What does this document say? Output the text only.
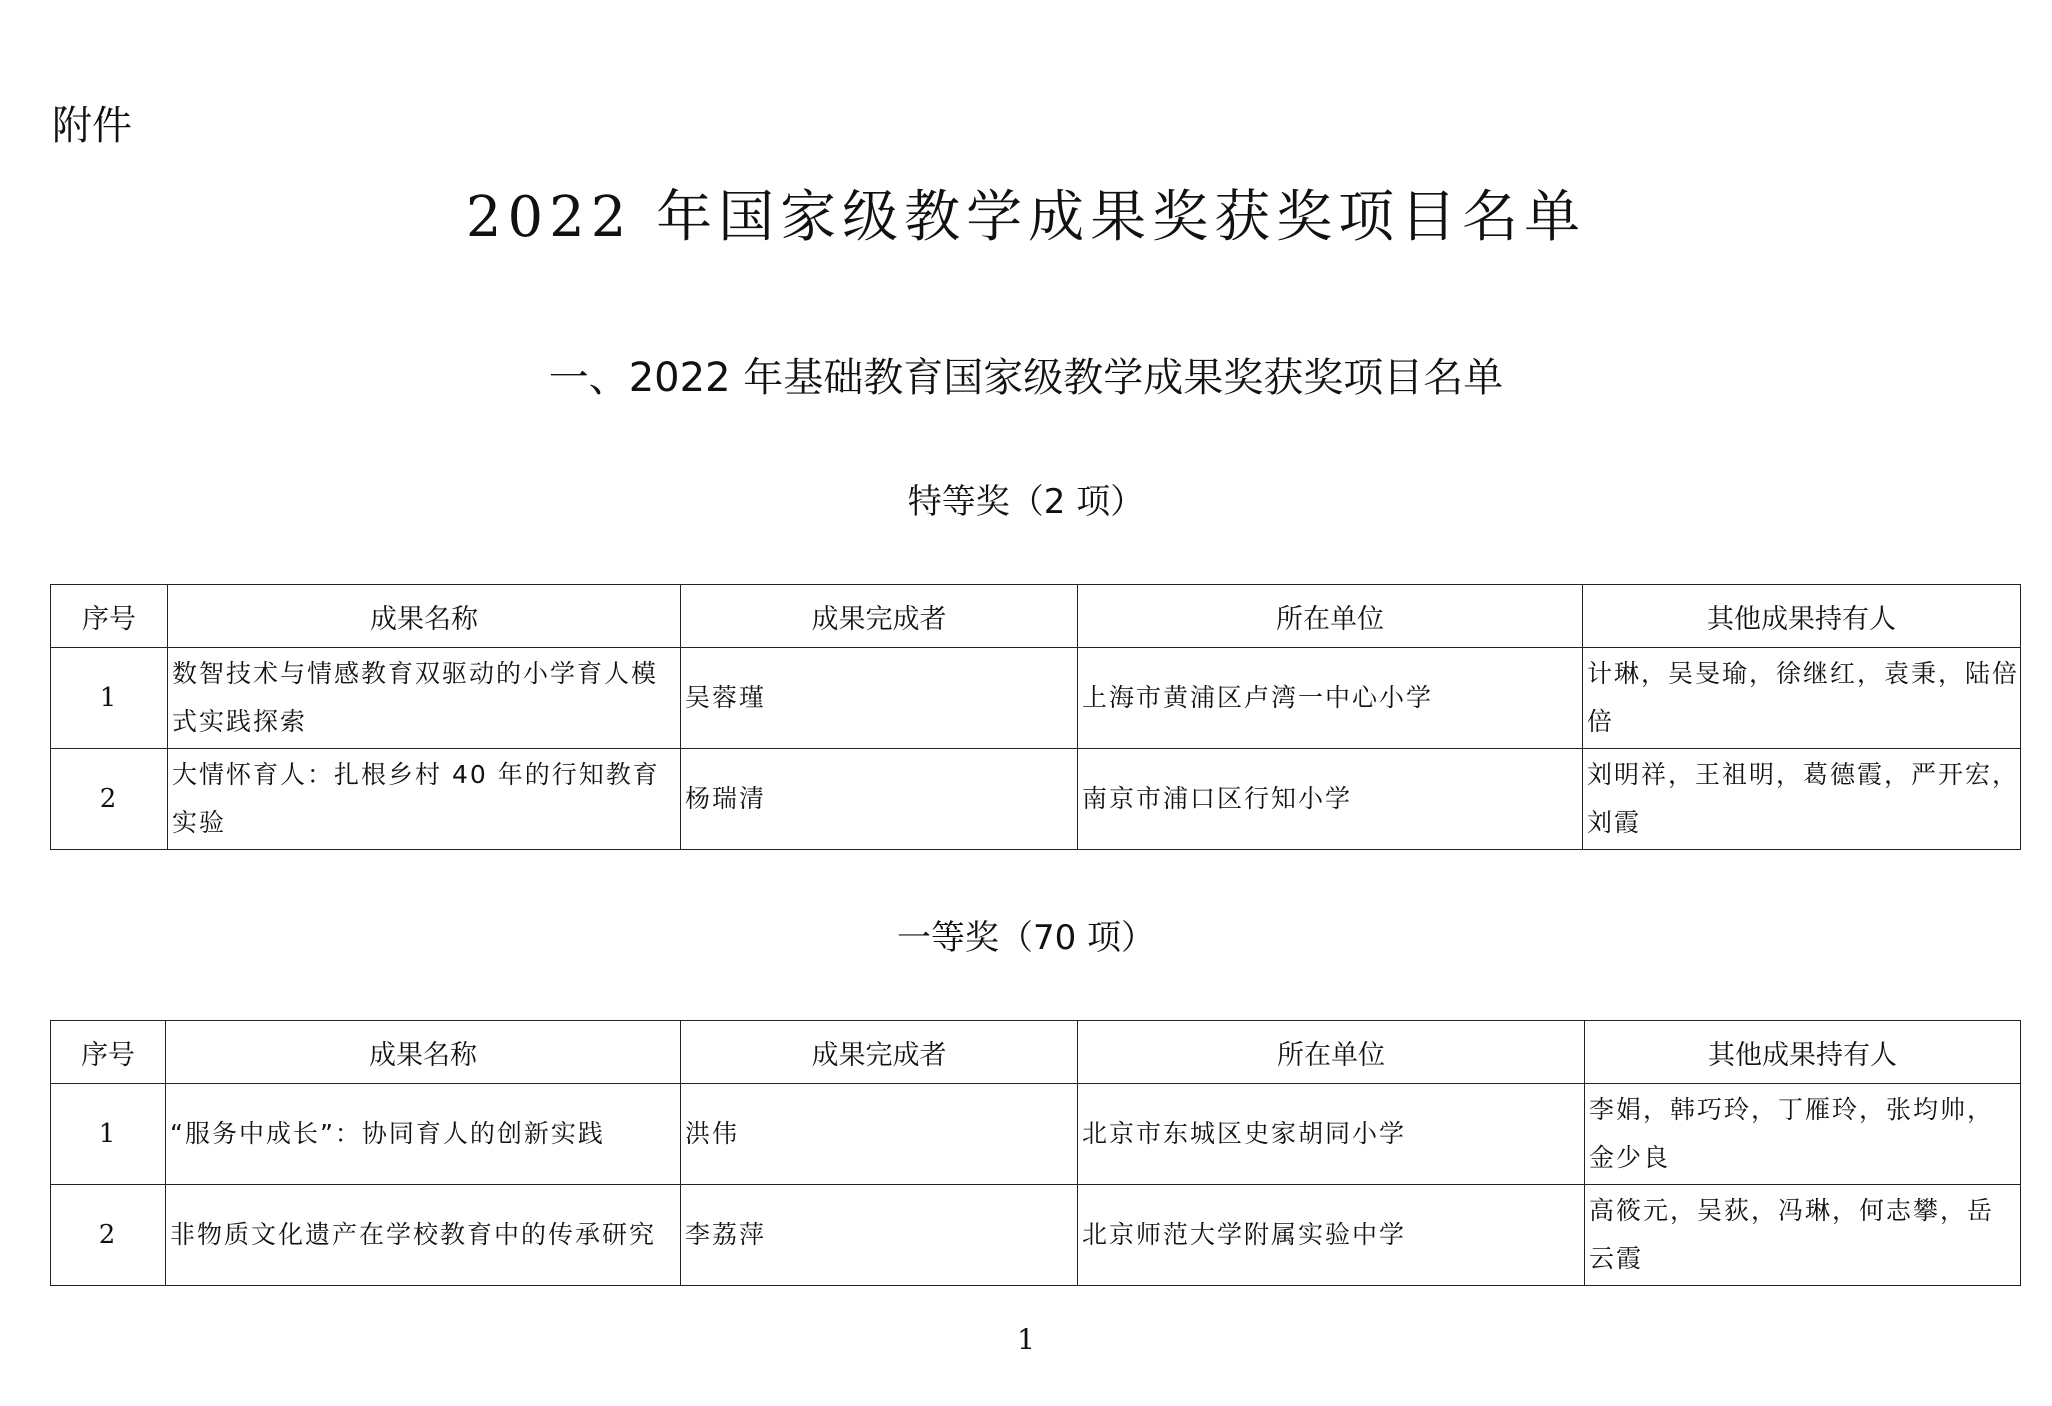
附件
2022 年国家级教学成果奖获奖项目名单
一、2022 年基础教育国家级教学成果奖获奖项目名单
特等奖（2 项）
序号	成果名称	成果完成者	所在单位	其他成果持有人
1	数智技术与情感教育双驱动的小学育人模式实践探索	吴蓉瑾	上海市黄浦区卢湾一中心小学	计琳，吴旻瑜，徐继红，袁秉，陆倍倍
2	大情怀育人：扎根乡村 40 年的行知教育实验	杨瑞清	南京市浦口区行知小学	刘明祥，王祖明，葛德霞，严开宏，刘霞
一等奖（70 项）
序号	成果名称	成果完成者	所在单位	其他成果持有人
1	“服务中成长”：协同育人的创新实践	洪伟	北京市东城区史家胡同小学	李娟，韩巧玲，丁雁玲，张均帅，金少良
2	非物质文化遗产在学校教育中的传承研究	李荔萍	北京师范大学附属实验中学	高筱元，吴荻，冯琳，何志攀，岳云霞
1
